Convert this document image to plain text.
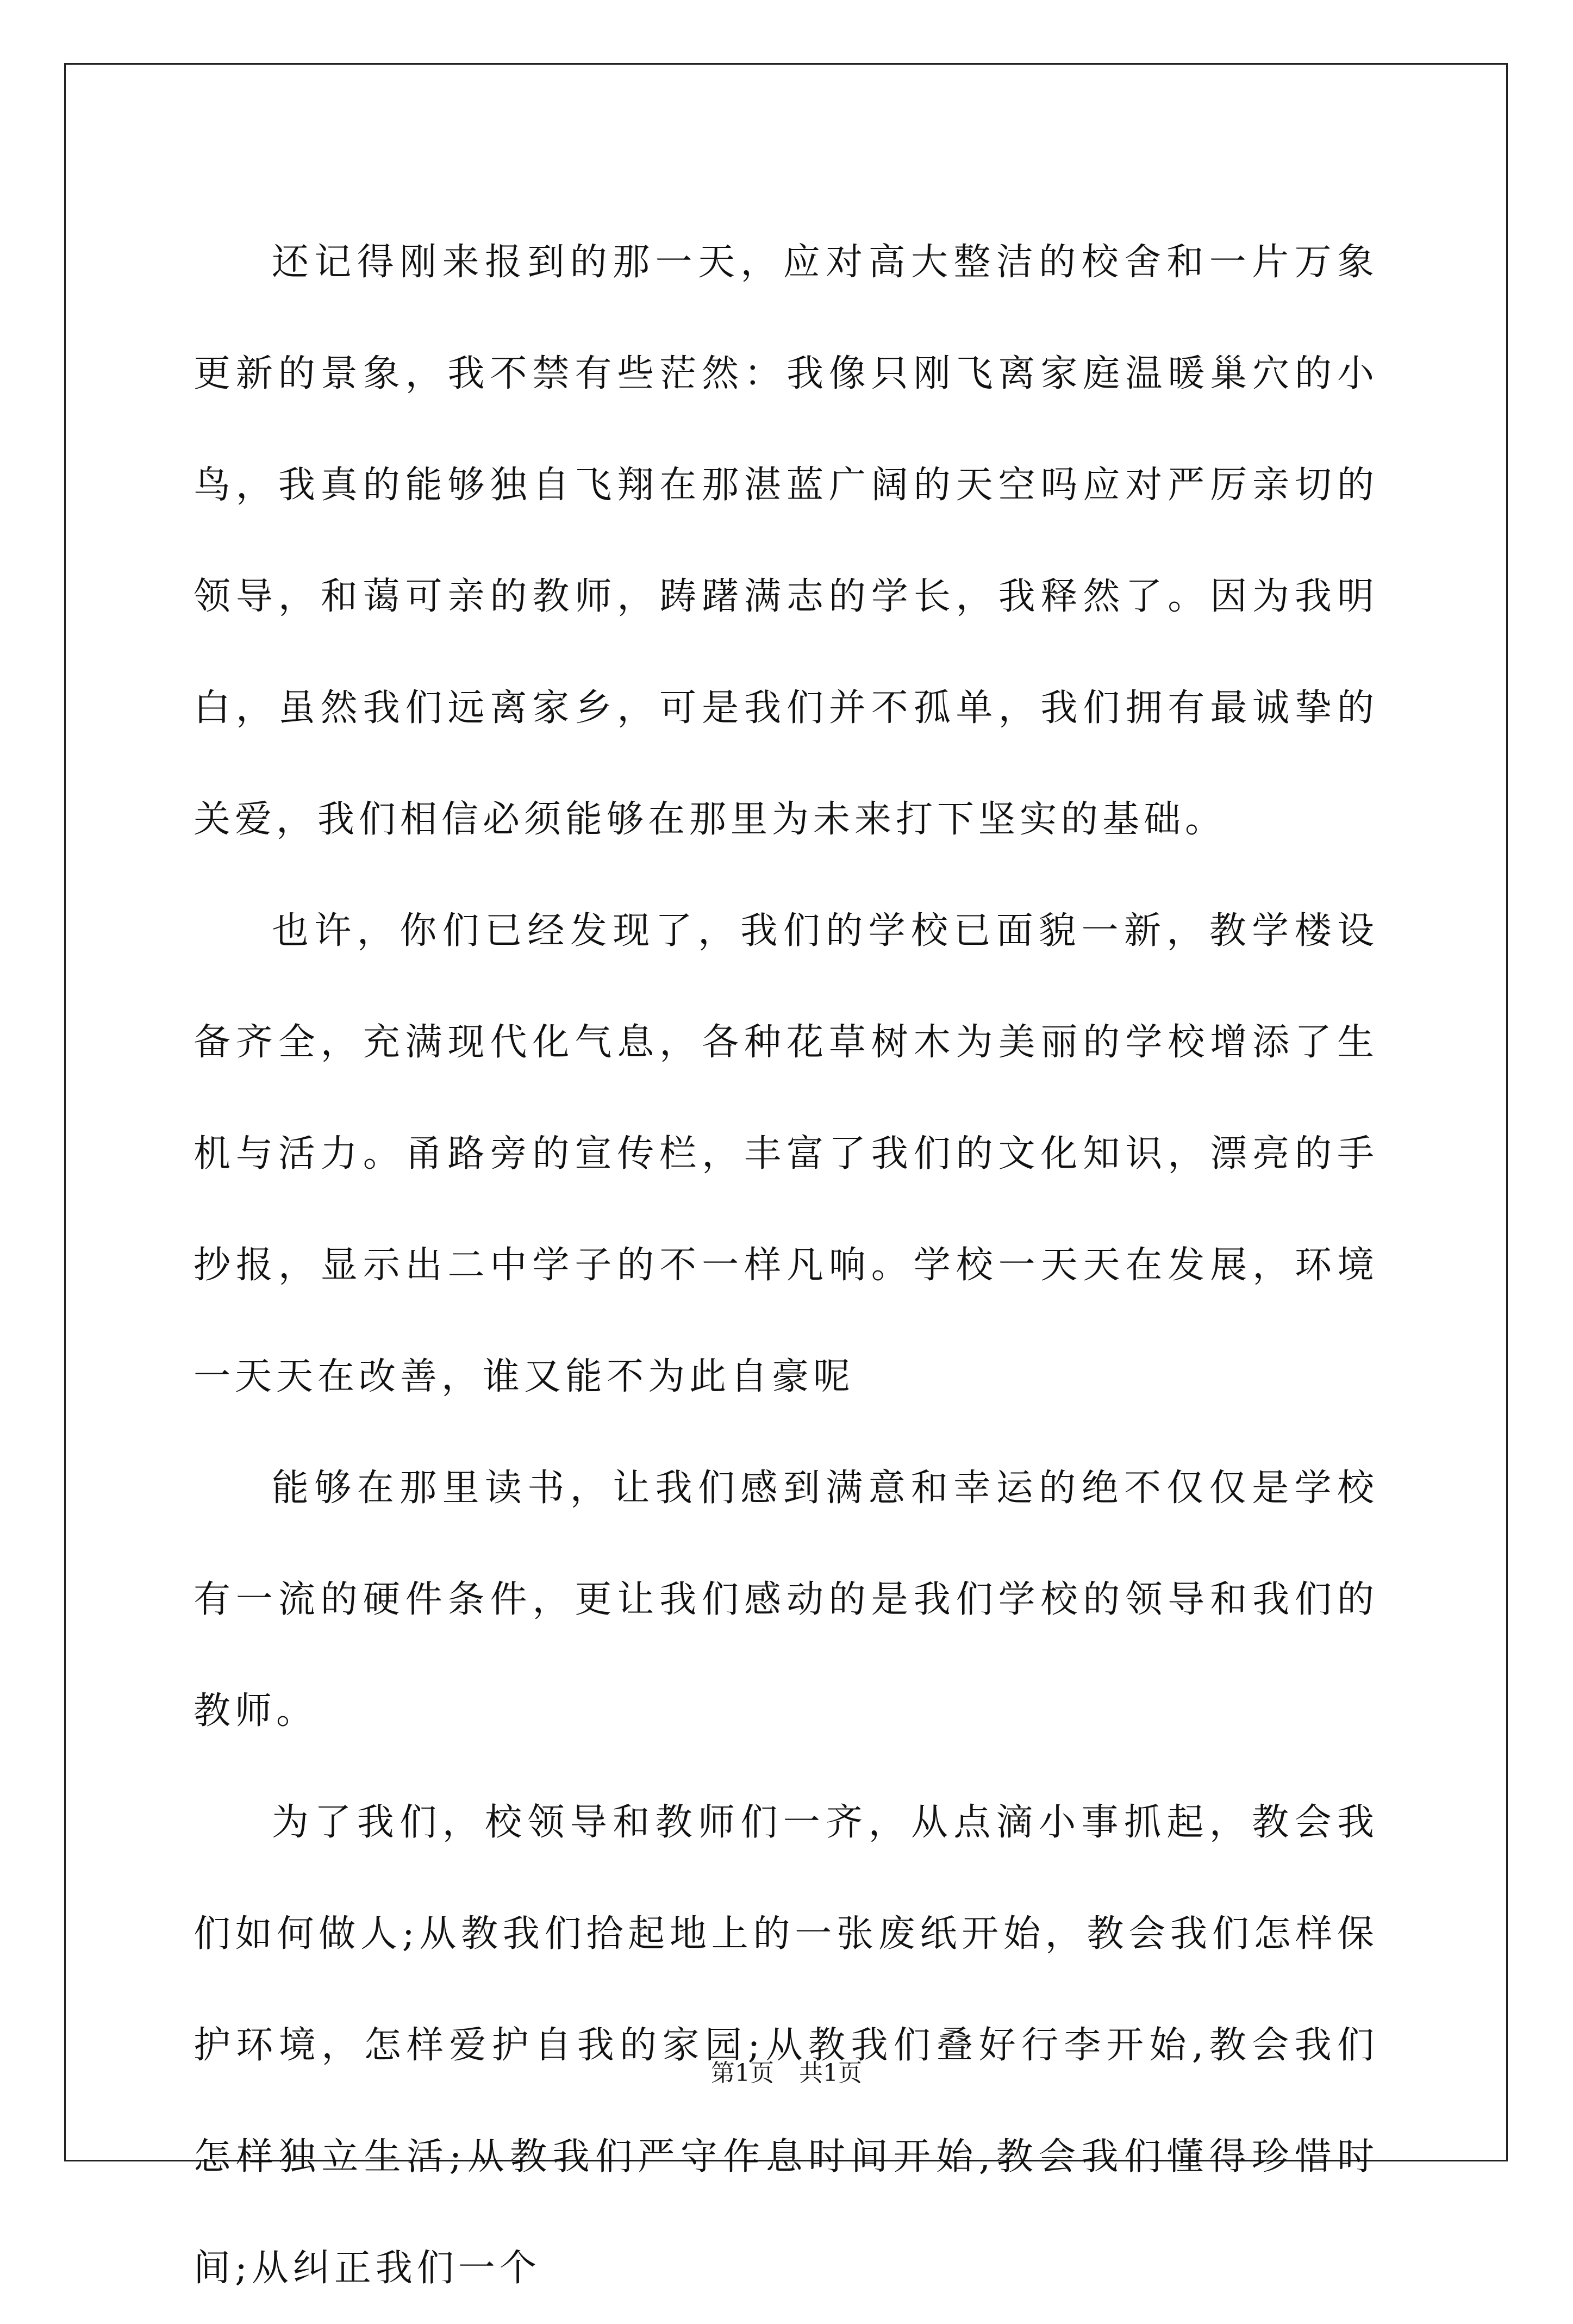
还记得刚来报到的那一天，应对高大整洁的校舍和一片万象更新的景象，我不禁有些茫然：我像只刚飞离家庭温暖巢穴的小鸟，我真的能够独自飞翔在那湛蓝广阔的天空吗应对严厉亲切的领导，和蔼可亲的教师，踌躇满志的学长，我释然了。因为我明白，虽然我们远离家乡，可是我们并不孤单，我们拥有最诚挚的关爱，我们相信必须能够在那里为未来打下坚实的基础。

也许，你们已经发现了，我们的学校已面貌一新，教学楼设备齐全，充满现代化气息，各种花草树木为美丽的学校增添了生机与活力。甬路旁的宣传栏，丰富了我们的文化知识，漂亮的手抄报，显示出二中学子的不一样凡响。学校一天天在发展，环境一天天在改善，谁又能不为此自豪呢

能够在那里读书，让我们感到满意和幸运的绝不仅仅是学校有一流的硬件条件，更让我们感动的是我们学校的领导和我们的教师。

为了我们，校领导和教师们一齐，从点滴小事抓起，教会我们如何做人;从教我们拾起地上的一张废纸开始，教会我们怎样保护环境，怎样爱护自我的家园;从教我们叠好行李开始,教会我们怎样独立生活;从教我们严守作息时间开始,教会我们懂得珍惜时间;从纠正我们一个

第1页 共1页
